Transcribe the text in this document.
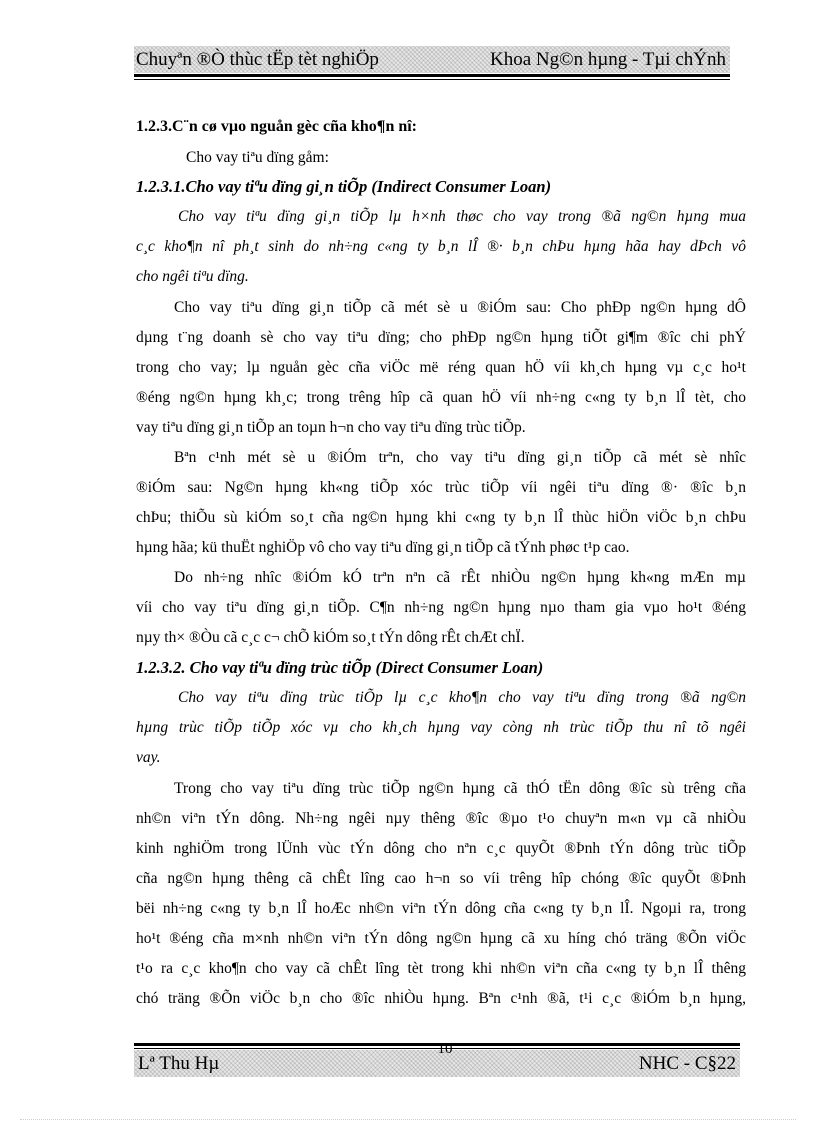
Chuyªn ®Ò thùc tËp tèt nghiÖp	Khoa Ng©n hµng - Tµi chÝnh
1.2.3.C¨n cø vµo nguån gèc cña kho¶n nî:
Cho vay tiªu dïng gåm:
1.2.3.1.Cho vay tiªu dïng gi¸n tiÕp (Indirect Consumer Loan)
Cho vay tiªu dïng gi¸n tiÕp lµ h×nh thøc cho vay trong ®ã ng©n hµng mua
c¸c kho¶n nî ph¸t sinh do nh÷ng c«ng ty b¸n lÎ ®· b¸n chÞu hµng hãa hay dÞch vô
cho ngêi tiªu dïng.
Cho vay tiªu dïng gi¸n tiÕp cã mét sè u ®iÓm sau: Cho phÐp ng©n hµng dÔ
dµng t¨ng doanh sè cho vay tiªu dïng; cho phÐp ng©n hµng tiÕt gi¶m ®îc chi phÝ
trong cho vay; lµ nguån gèc cña viÖc më réng quan hÖ víi kh¸ch hµng vµ c¸c ho¹t
®éng ng©n hµng kh¸c; trong trêng hîp cã quan hÖ víi nh÷ng c«ng ty b¸n lÎ tèt, cho
vay tiªu dïng gi¸n tiÕp an toµn h¬n cho vay tiªu dïng trùc tiÕp.
Bªn c¹nh mét sè u ®iÓm trªn, cho vay tiªu dïng gi¸n tiÕp cã mét sè nhîc
®iÓm sau: Ng©n hµng kh«ng tiÕp xóc trùc tiÕp víi ngêi tiªu dïng ®· ®îc b¸n
chÞu; thiÕu sù kiÓm so¸t cña ng©n hµng khi c«ng ty b¸n lÎ thùc hiÖn viÖc b¸n chÞu
hµng hãa; kü thuËt nghiÖp vô cho vay tiªu dïng gi¸n tiÕp cã tÝnh phøc t¹p cao.
Do nh÷ng nhîc ®iÓm kÓ trªn nªn cã rÊt nhiÒu ng©n hµng kh«ng mÆn mµ
víi cho vay tiªu dïng gi¸n tiÕp. C¶n nh÷ng ng©n hµng nµo tham gia vµo ho¹t ®éng
nµy th× ®Òu cã c¸c c¬ chÕ kiÓm so¸t tÝn dông rÊt chÆt chÏ.
1.2.3.2. Cho vay tiªu dïng trùc tiÕp (Direct Consumer Loan)
Cho vay tiªu dïng trùc tiÕp lµ c¸c kho¶n cho vay tiªu dïng trong ®ã ng©n
hµng trùc tiÕp tiÕp xóc vµ cho kh¸ch hµng vay còng nh trùc tiÕp thu nî tõ ngêi
vay.
Trong cho vay tiªu dïng trùc tiÕp ng©n hµng cã thÓ tËn dông ®îc sù trêng cña
nh©n viªn tÝn dông. Nh÷ng ngêi nµy thêng ®îc ®µo t¹o chuyªn m«n vµ cã nhiÒu
kinh nghiÖm trong lÜnh vùc tÝn dông cho nªn c¸c quyÕt ®Þnh tÝn dông trùc tiÕp
cña ng©n hµng thêng cã chÊt lîng cao h¬n so víi trêng hîp chóng ®îc quyÕt ®Þnh
bëi nh÷ng c«ng ty b¸n lÎ hoÆc nh©n viªn tÝn dông cña c«ng ty b¸n lÎ. Ngoµi ra, trong
ho¹t ®éng cña m×nh nh©n viªn tÝn dông ng©n hµng cã xu híng chó träng ®Õn viÖc
t¹o ra c¸c kho¶n cho vay cã chÊt lîng tèt trong khi nh©n viªn cña c«ng ty b¸n lÎ thêng
chó träng ®Õn viÖc b¸n cho ®îc nhiÒu hµng. Bªn c¹nh ®ã, t¹i c¸c ®iÓm b¸n hµng,
Lª Thu Hµ	NHC - C§22
10
